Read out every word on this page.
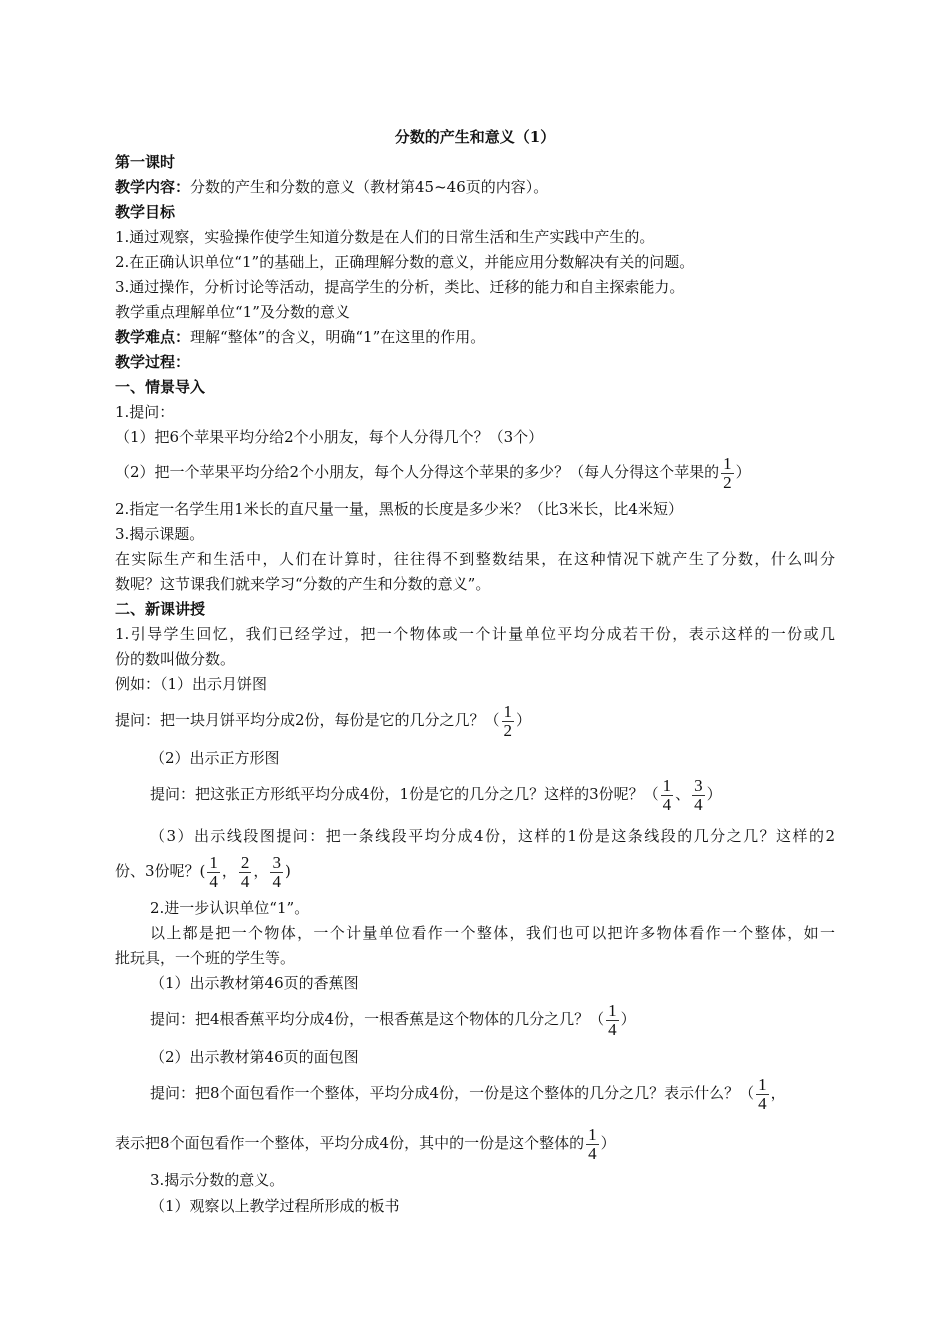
分数的产生和意义（1）
第一课时
教学内容：分数的产生和分数的意义（教材第45~46页的内容）。
教学目标
1.通过观察，实验操作使学生知道分数是在人们的日常生活和生产实践中产生的。
2.在正确认识单位“1”的基础上，正确理解分数的意义，并能应用分数解决有关的问题。
3.通过操作，分析讨论等活动，提高学生的分析，类比、迁移的能力和自主探索能力。
教学重点理解单位“1”及分数的意义
教学难点：理解“整体”的含义，明确“1”在这里的作用。
教学过程：
一、情景导入
1.提问：
（1）把6个苹果平均分给2个小朋友，每个人分得几个？（3个）
（2）把一个苹果平均分给2个小朋友，每个人分得这个苹果的多少？（每人分得这个苹果的 $\frac{1}{2}$ ）
2.指定一名学生用1米长的直尺量一量，黑板的长度是多少米？（比3米长，比4米短）
3.揭示课题。
在实际生产和生活中，人们在计算时，往往得不到整数结果，在这种情况下就产生了分数，什么叫分
数呢？这节课我们就来学习“分数的产生和分数的意义”。
二、新课讲授
1.引导学生回忆，我们已经学过，把一个物体或一个计量单位平均分成若干份，表示这样的一份或几
份的数叫做分数。
例如：（1）出示月饼图
提问：把一块月饼平均分成2份，每份是它的几分之几？（ $\frac{1}{2}$ ）
（2）出示正方形图
提问：把这张正方形纸平均分成4份，1份是它的几分之几？这样的3份呢？（ $\frac{1}{4}$ 、 $\frac{3}{4}$ ）
（3）出示线段图提问：把一条线段平均分成4份，这样的1份是这条线段的几分之几？这样的2
份、3份呢？( $\frac{1}{4}$ ， $\frac{2}{4}$ ， $\frac{3}{4}$ )
2.进一步认识单位“1”。
以上都是把一个物体，一个计量单位看作一个整体，我们也可以把许多物体看作一个整体，如一
批玩具，一个班的学生等。
（1）出示教材第46页的香蕉图
提问：把4根香蕉平均分成4份，一根香蕉是这个物体的几分之几？（ $\frac{1}{4}$ ）
（2）出示教材第46页的面包图
提问：把8个面包看作一个整体，平均分成4份，一份是这个整体的几分之几？表示什么？（ $\frac{1}{4}$ ，
表示把8个面包看作一个整体，平均分成4份，其中的一份是这个整体的 $\frac{1}{4}$ ）
3.揭示分数的意义。
（1）观察以上教学过程所形成的板书
